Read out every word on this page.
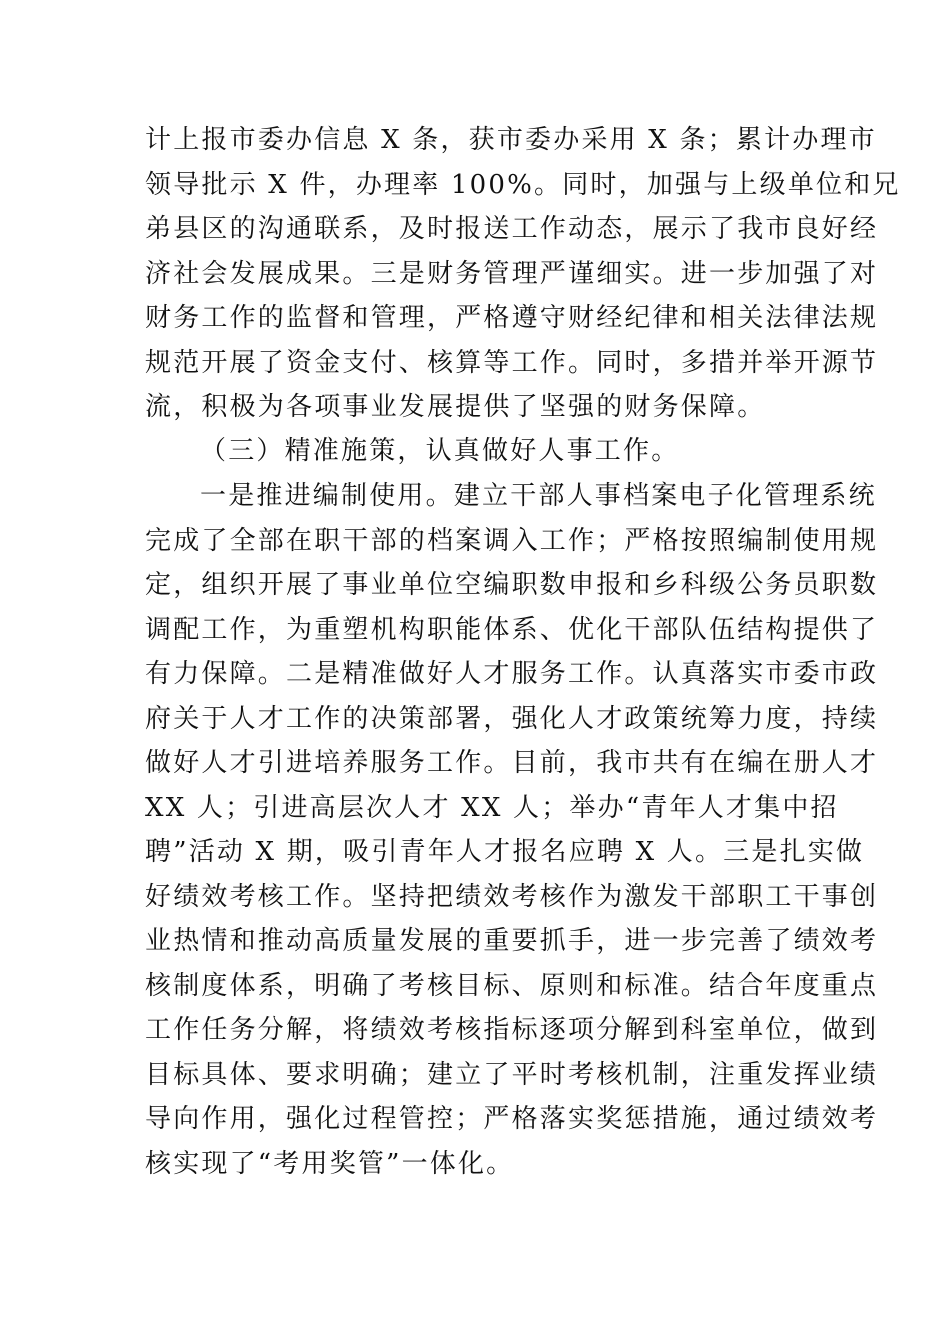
计上报市委办信息 X 条，获市委办采用 X 条；累计办理市
领导批示 X 件，办理率 100%。同时，加强与上级单位和兄
弟县区的沟通联系，及时报送工作动态，展示了我市良好经
济社会发展成果。三是财务管理严谨细实。进一步加强了对
财务工作的监督和管理，严格遵守财经纪律和相关法律法规
规范开展了资金支付、核算等工作。同时，多措并举开源节
流，积极为各项事业发展提供了坚强的财务保障。
（三）精准施策，认真做好人事工作。
一是推进编制使用。建立干部人事档案电子化管理系统
完成了全部在职干部的档案调入工作；严格按照编制使用规
定，组织开展了事业单位空编职数申报和乡科级公务员职数
调配工作，为重塑机构职能体系、优化干部队伍结构提供了
有力保障。二是精准做好人才服务工作。认真落实市委市政
府关于人才工作的决策部署，强化人才政策统筹力度，持续
做好人才引进培养服务工作。目前，我市共有在编在册人才
XX 人；引进高层次人才 XX 人；举办“青年人才集中招
聘”活动 X 期，吸引青年人才报名应聘 X 人。三是扎实做
好绩效考核工作。坚持把绩效考核作为激发干部职工干事创
业热情和推动高质量发展的重要抓手，进一步完善了绩效考
核制度体系，明确了考核目标、原则和标准。结合年度重点
工作任务分解，将绩效考核指标逐项分解到科室单位，做到
目标具体、要求明确；建立了平时考核机制，注重发挥业绩
导向作用，强化过程管控；严格落实奖惩措施，通过绩效考
核实现了“考用奖管”一体化。
